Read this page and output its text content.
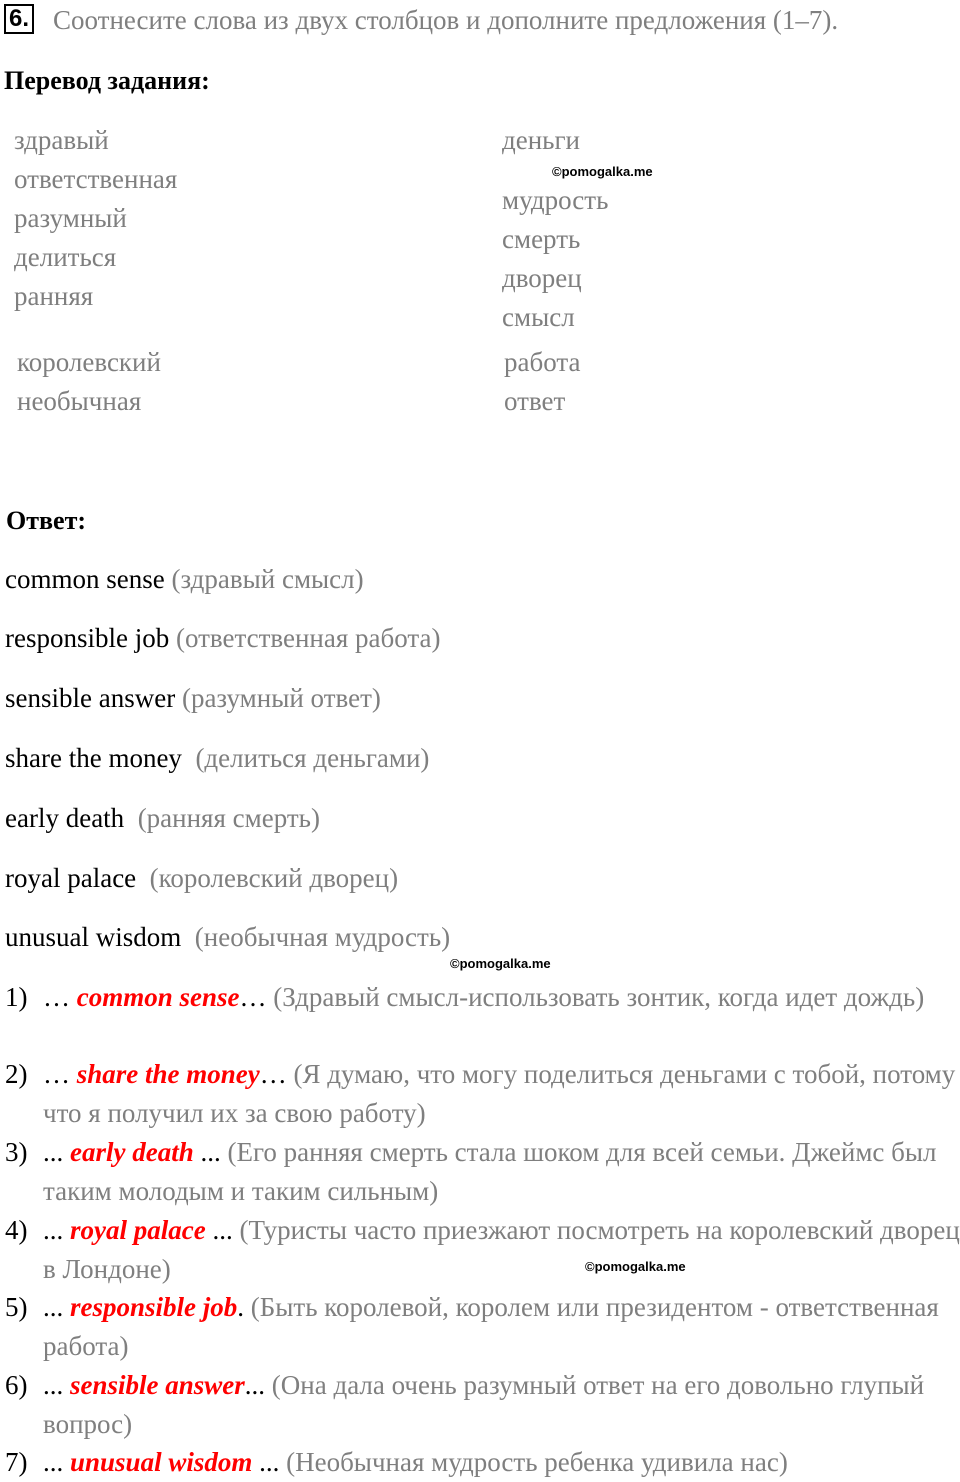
6. Соотнесите слова из двух столбцов и дополните предложения (1–7).
Перевод задания:
здравый
ответственная
разумный
делиться
ранняя
королевский
необычная
деньги
мудрость
смерть
дворец
смысл
работа
ответ
©pomogalka.me
©pomogalka.me
©pomogalka.me
Ответ:
common sense (здравый смысл)
responsible job (ответственная работа)
sensible answer (разумный ответ)
share the money  (делиться деньгами)
early death  (ранняя смерть)
royal palace  (королевский дворец)
unusual wisdom  (необычная мудрость)
1) … common sense… (Здравый смысл-использовать зонтик, когда идет дождь)
2) … share the money… (Я думаю, что могу поделиться деньгами с тобой, потому что я получил их за свою работу)
3) ... early death ... (Его ранняя смерть стала шоком для всей семьи. Джеймс был таким молодым и таким сильным)
4) ... royal palace ... (Туристы часто приезжают посмотреть на королевский дворец в Лондоне)
5) ... responsible job. (Быть королевой, королем или президентом - ответственная работа)
6) ... sensible answer... (Она дала очень разумный ответ на его довольно глупый вопрос)
7) ... unusual wisdom ... (Необычная мудрость ребенка удивила нас)
